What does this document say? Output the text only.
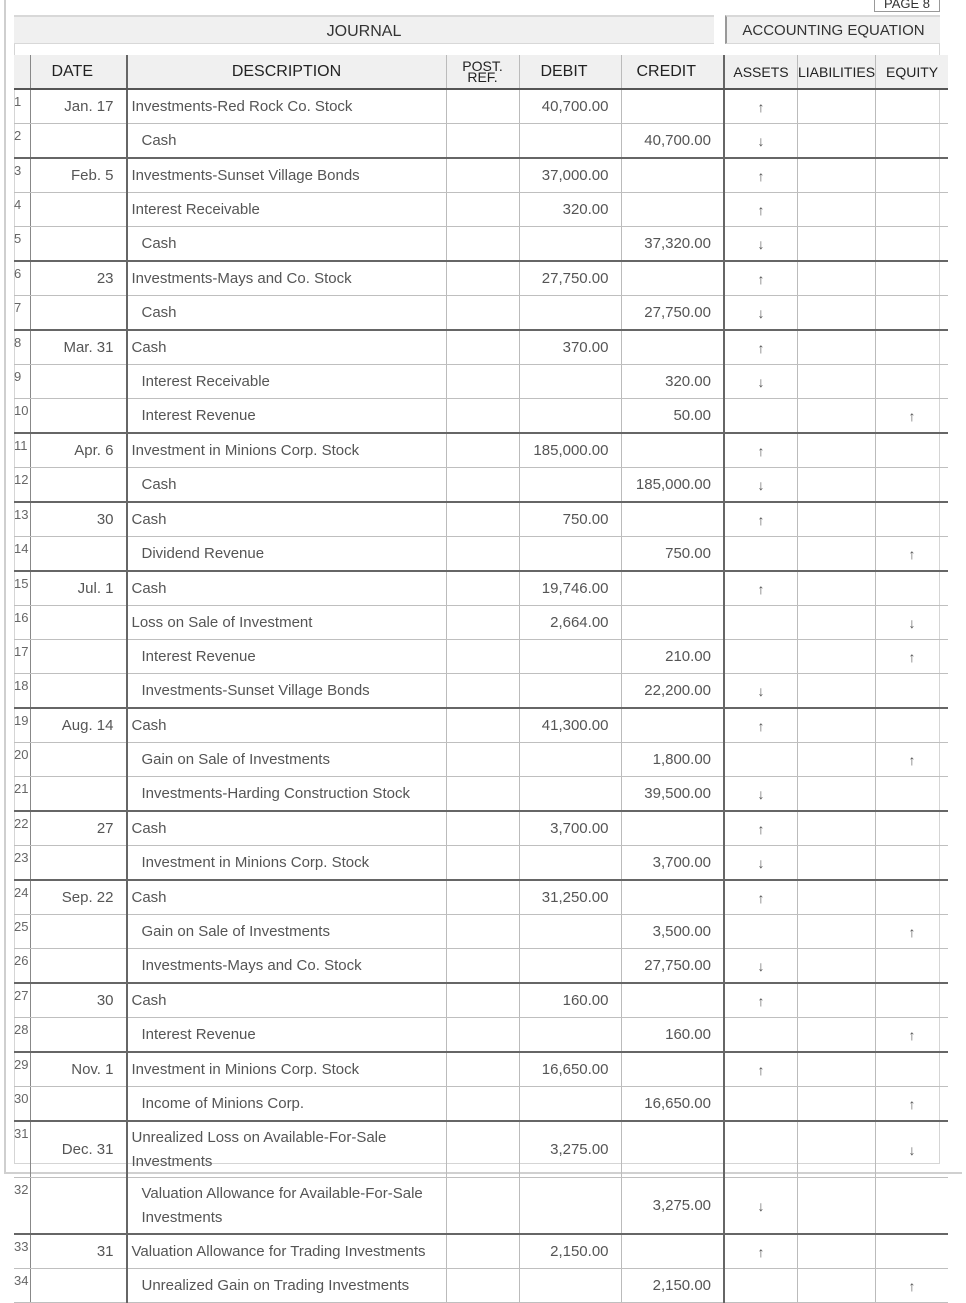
PAGE 8
JOURNAL	ACCOUNTING EQUATION
	DATE	DESCRIPTION	POST. REF.	DEBIT	CREDIT	ASSETS	LIABILITIES	EQUITY
1	Jan. 17	Investments-Red Rock Co. Stock		40,700.00		↑		
2		Cash			40,700.00	↓		
3	Feb. 5	Investments-Sunset Village Bonds		37,000.00		↑		
4		Interest Receivable		320.00		↑		
5		Cash			37,320.00	↓		
6	23	Investments-Mays and Co. Stock		27,750.00		↑		
7		Cash			27,750.00	↓		
8	Mar. 31	Cash		370.00		↑		
9		Interest Receivable			320.00	↓		
10		Interest Revenue			50.00			↑
11	Apr. 6	Investment in Minions Corp. Stock		185,000.00		↑		
12		Cash			185,000.00	↓		
13	30	Cash		750.00		↑		
14		Dividend Revenue			750.00			↑
15	Jul. 1	Cash		19,746.00		↑		
16		Loss on Sale of Investment		2,664.00				↓
17		Interest Revenue			210.00			↑
18		Investments-Sunset Village Bonds			22,200.00	↓		
19	Aug. 14	Cash		41,300.00		↑		
20		Gain on Sale of Investments			1,800.00			↑
21		Investments-Harding Construction Stock			39,500.00	↓		
22	27	Cash		3,700.00		↑		
23		Investment in Minions Corp. Stock			3,700.00	↓		
24	Sep. 22	Cash		31,250.00		↑		
25		Gain on Sale of Investments			3,500.00			↑
26		Investments-Mays and Co. Stock			27,750.00	↓		
27	30	Cash		160.00		↑		
28		Interest Revenue			160.00			↑
29	Nov. 1	Investment in Minions Corp. Stock		16,650.00		↑		
30		Income of Minions Corp.			16,650.00			↑
31	Dec. 31	Unrealized Loss on Available-For-Sale Investments		3,275.00				↓
32		Valuation Allowance for Available-For-Sale Investments			3,275.00	↓		
33	31	Valuation Allowance for Trading Investments		2,150.00		↑		
34		Unrealized Gain on Trading Investments			2,150.00			↑
